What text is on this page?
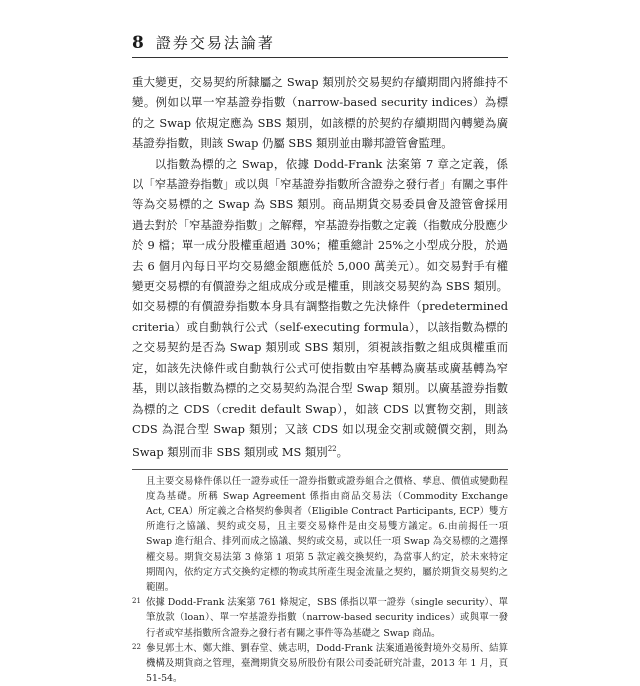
8 證券交易法論著

重大變更，交易契約所隸屬之 Swap 類別於交易契約存續期間內將維持不變。例如以單一窄基證券指數（narrow-based security indices）為標的之 Swap 依規定應為 SBS 類別，如該標的於契約存續期間內轉變為廣基證券指數，則該 Swap 仍屬 SBS 類別並由聯邦證管會監理。

以指數為標的之 Swap，依據 Dodd-Frank 法案第 7 章之定義，係以「窄基證券指數」或以與「窄基證券指數所含證券之發行者」有關之事件等為交易標的之 Swap 為 SBS 類別。商品期貨交易委員會及證管會採用過去對於「窄基證券指數」之解釋，窄基證券指數之定義（指數成分股應少於 9 檔；單一成分股權重超過 30%；權重總計 25%之小型成分股，於過去 6 個月內每日平均交易總金額應低於 5,000 萬美元）。如交易對手有權變更交易標的有價證券之組成成分或是權重，則該交易契約為 SBS 類別。如交易標的有價證券指數本身具有調整指數之先決條件（predetermined criteria）或自動執行公式（self-executing formula），以該指數為標的之交易契約是否為 Swap 類別或 SBS 類別，須視該指數之組成與權重而定，如該先決條件或自動執行公式可使指數由窄基轉為廣基或廣基轉為窄基，則以該指數為標的之交易契約為混合型 Swap 類別。以廣基證券指數為標的之 CDS（credit default Swap），如該 CDS 以實物交割，則該 CDS 為混合型 Swap 類別；又該 CDS 如以現金交割或競價交割，則為 Swap 類別而非 SBS 類別或 MS 類別$^{22}$。

且主要交易條件係以任一證券或任一證券指數或證券組合之價格、孳息、價值或變動程度為基礎。所稱 Swap Agreement 係指由商品交易法（Commodity Exchange Act, CEA）所定義之合格契約參與者（Eligible Contract Participants, ECP）雙方所進行之協議、契約或交易，且主要交易條件是由交易雙方議定。6.由前揭任一項 Swap 進行組合、排列而成之協議、契約或交易，或以任一項 Swap 為交易標的之選擇權交易。期貨交易法第 3 條第 1 項第 5 款定義交換契約，為當事人約定，於未來特定期間內，依約定方式交換約定標的物或其所產生現金流量之契約，屬於期貨交易契約之範圍。

21 依據 Dodd-Frank 法案第 761 條規定，SBS 係指以單一證券（single security）、單筆放款（loan）、單一窄基證券指數（narrow-based security indices）或與單一發行者或窄基指數所含證券之發行者有關之事件等為基礎之 Swap 商品。
22 參見郭土木、鄭大維、劉春堂、姚志明，Dodd-Frank 法案通過後對境外交易所、結算機構及期貨商之管理，臺灣期貨交易所股份有限公司委託研究計畫，2013 年 1 月，頁 51-54。
